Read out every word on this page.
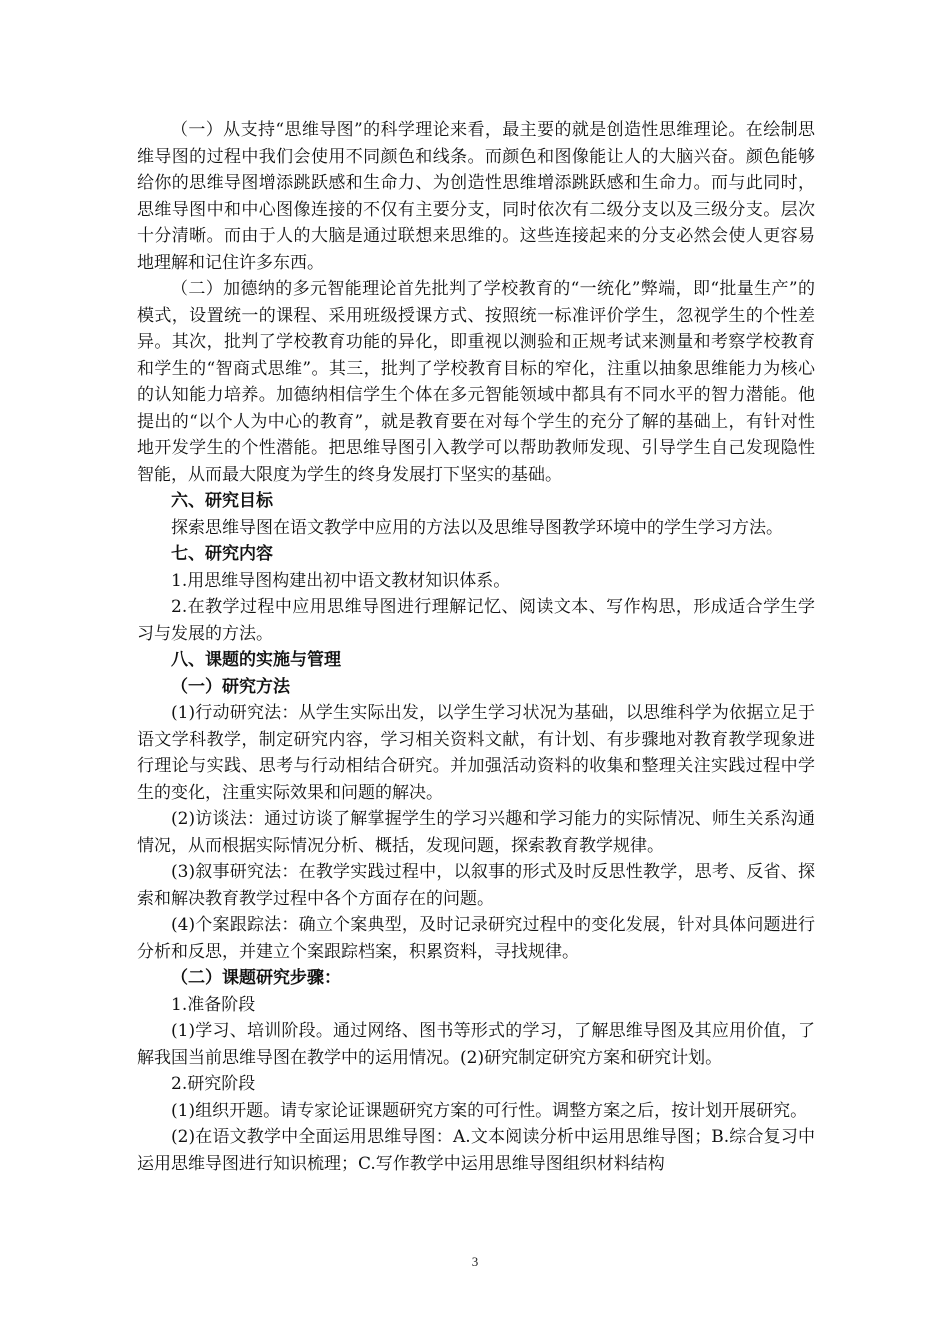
（一）从支持“思维导图”的科学理论来看，最主要的就是创造性思维理论。在绘制思维导图的过程中我们会使用不同颜色和线条。而颜色和图像能让人的大脑兴奋。颜色能够给你的思维导图增添跳跃感和生命力、为创造性思维增添跳跃感和生命力。而与此同时，思维导图中和中心图像连接的不仅有主要分支，同时依次有二级分支以及三级分支。层次十分清晰。而由于人的大脑是通过联想来思维的。这些连接起来的分支必然会使人更容易地理解和记住许多东西。

（二）加德纳的多元智能理论首先批判了学校教育的“一统化”弊端，即“批量生产”的模式，设置统一的课程、采用班级授课方式、按照统一标准评价学生，忽视学生的个性差异。其次，批判了学校教育功能的异化，即重视以测验和正规考试来测量和考察学校教育和学生的“智商式思维”。其三，批判了学校教育目标的窄化，注重以抽象思维能力为核心的认知能力培养。加德纳相信学生个体在多元智能领域中都具有不同水平的智力潜能。他提出的“以个人为中心的教育”，就是教育要在对每个学生的充分了解的基础上，有针对性地开发学生的个性潜能。把思维导图引入教学可以帮助教师发现、引导学生自己发现隐性智能，从而最大限度为学生的终身发展打下坚实的基础。

六、研究目标

探索思维导图在语文教学中应用的方法以及思维导图教学环境中的学生学习方法。

七、研究内容

1.用思维导图构建出初中语文教材知识体系。

2.在教学过程中应用思维导图进行理解记忆、阅读文本、写作构思，形成适合学生学习与发展的方法。

八、课题的实施与管理
（一）研究方法

(1)行动研究法：从学生实际出发，以学生学习状况为基础，以思维科学为依据立足于语文学科教学，制定研究内容，学习相关资料文献，有计划、有步骤地对教育教学现象进行理论与实践、思考与行动相结合研究。并加强活动资料的收集和整理关注实践过程中学生的变化，注重实际效果和问题的解决。

(2)访谈法：通过访谈了解掌握学生的学习兴趣和学习能力的实际情况、师生关系沟通情况，从而根据实际情况分析、概括，发现问题，探索教育教学规律。

(3)叙事研究法：在教学实践过程中，以叙事的形式及时反思性教学，思考、反省、探索和解决教育教学过程中各个方面存在的问题。

(4)个案跟踪法：确立个案典型，及时记录研究过程中的变化发展，针对具体问题进行分析和反思，并建立个案跟踪档案，积累资料，寻找规律。

（二）课题研究步骤：

1.准备阶段

(1)学习、培训阶段。通过网络、图书等形式的学习，了解思维导图及其应用价值，了解我国当前思维导图在教学中的运用情况。(2)研究制定研究方案和研究计划。

2.研究阶段

(1)组织开题。请专家论证课题研究方案的可行性。调整方案之后，按计划开展研究。

(2)在语文教学中全面运用思维导图：A.文本阅读分析中运用思维导图；B.综合复习中运用思维导图进行知识梳理；C.写作教学中运用思维导图组织材料结构

3
